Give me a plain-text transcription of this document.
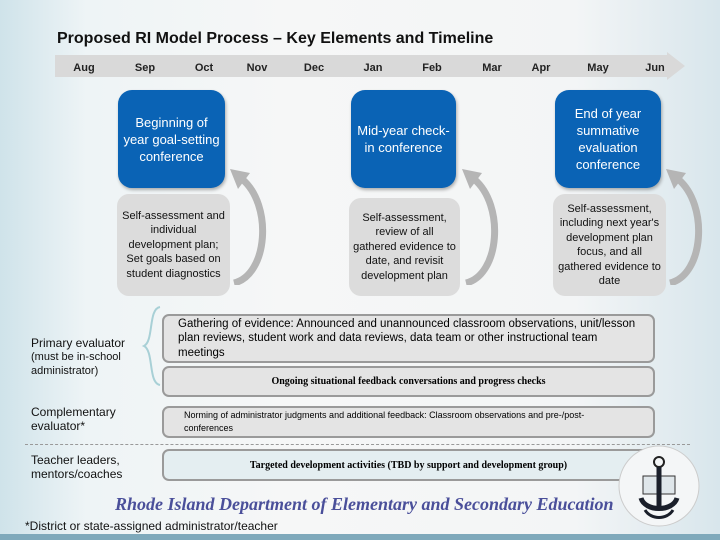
Proposed RI Model Process – Key Elements and Timeline
Aug	Sep	Oct	Nov	Dec	Jan	Feb	Mar	Apr	May	Jun
Beginning of year goal-setting conference
Mid-year check-in conference
End of year summative evaluation conference
Self-assessment and individual development plan; Set goals based on student diagnostics
Self-assessment, review of all gathered evidence to date, and revisit development plan
Self-assessment, including next year's development plan focus, and all gathered evidence to date
Primary evaluator
(must be in-school administrator)
Complementary evaluator*
Teacher leaders, mentors/coaches
Gathering of evidence: Announced and unannounced classroom observations, unit/lesson plan reviews, student work and data reviews, data team or other instructional team meetings
Ongoing situational feedback conversations and progress checks
Norming of administrator judgments and additional feedback: Classroom observations and pre-/post-conferences
Targeted development activities (TBD by support and development group)
Rhode Island Department of Elementary and Secondary Education
*District or state-assigned administrator/teacher
